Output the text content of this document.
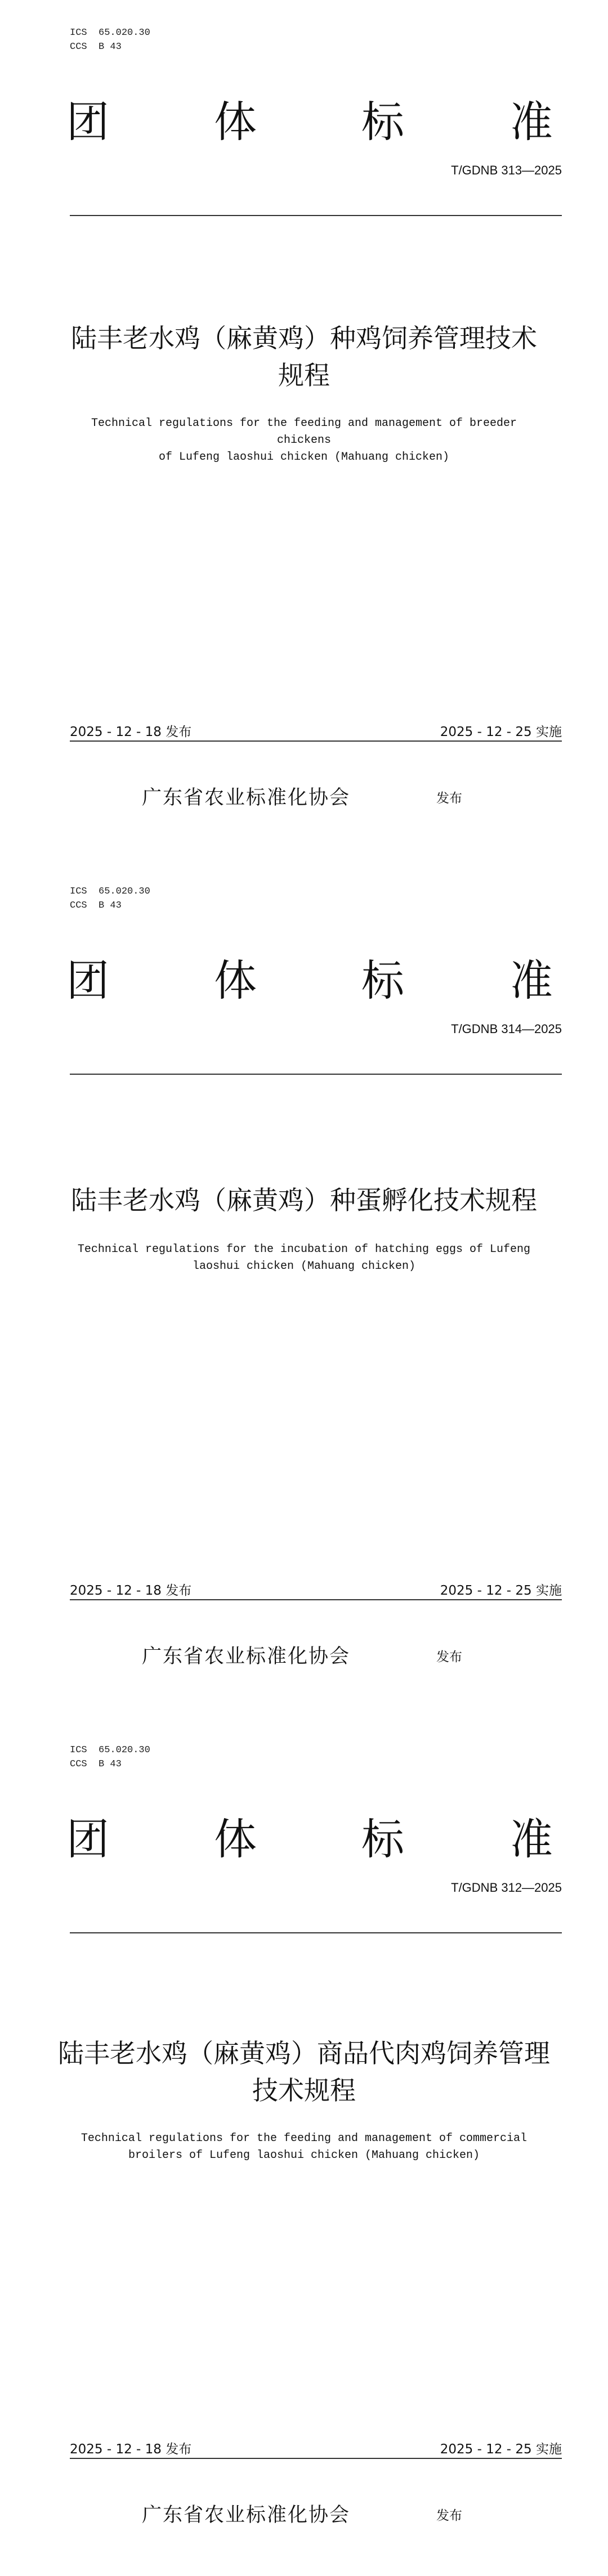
ICS  65.020.30
CCS  B 43
团 体 标 准
T/GDNB 313—2025
陆丰老水鸡（麻黄鸡）种鸡饲养管理技术
规程
Technical regulations for the feeding and management of breeder chickens
of Lufeng laoshui chicken (Mahuang chicken)
2025 - 12 - 18 发布	2025 - 12 - 25 实施
广东省农业标准化协会	发布
ICS  65.020.30
CCS  B 43
团 体 标 准
T/GDNB 314—2025
陆丰老水鸡（麻黄鸡）种蛋孵化技术规程
Technical regulations for the incubation of hatching eggs of Lufeng
laoshui chicken (Mahuang chicken)
2025 - 12 - 18 发布	2025 - 12 - 25 实施
广东省农业标准化协会	发布
ICS  65.020.30
CCS  B 43
团 体 标 准
T/GDNB 312—2025
陆丰老水鸡（麻黄鸡）商品代肉鸡饲养管理
技术规程
Technical regulations for the feeding and management of commercial
broilers of Lufeng laoshui chicken (Mahuang chicken)
2025 - 12 - 18 发布	2025 - 12 - 25 实施
广东省农业标准化协会	发布
